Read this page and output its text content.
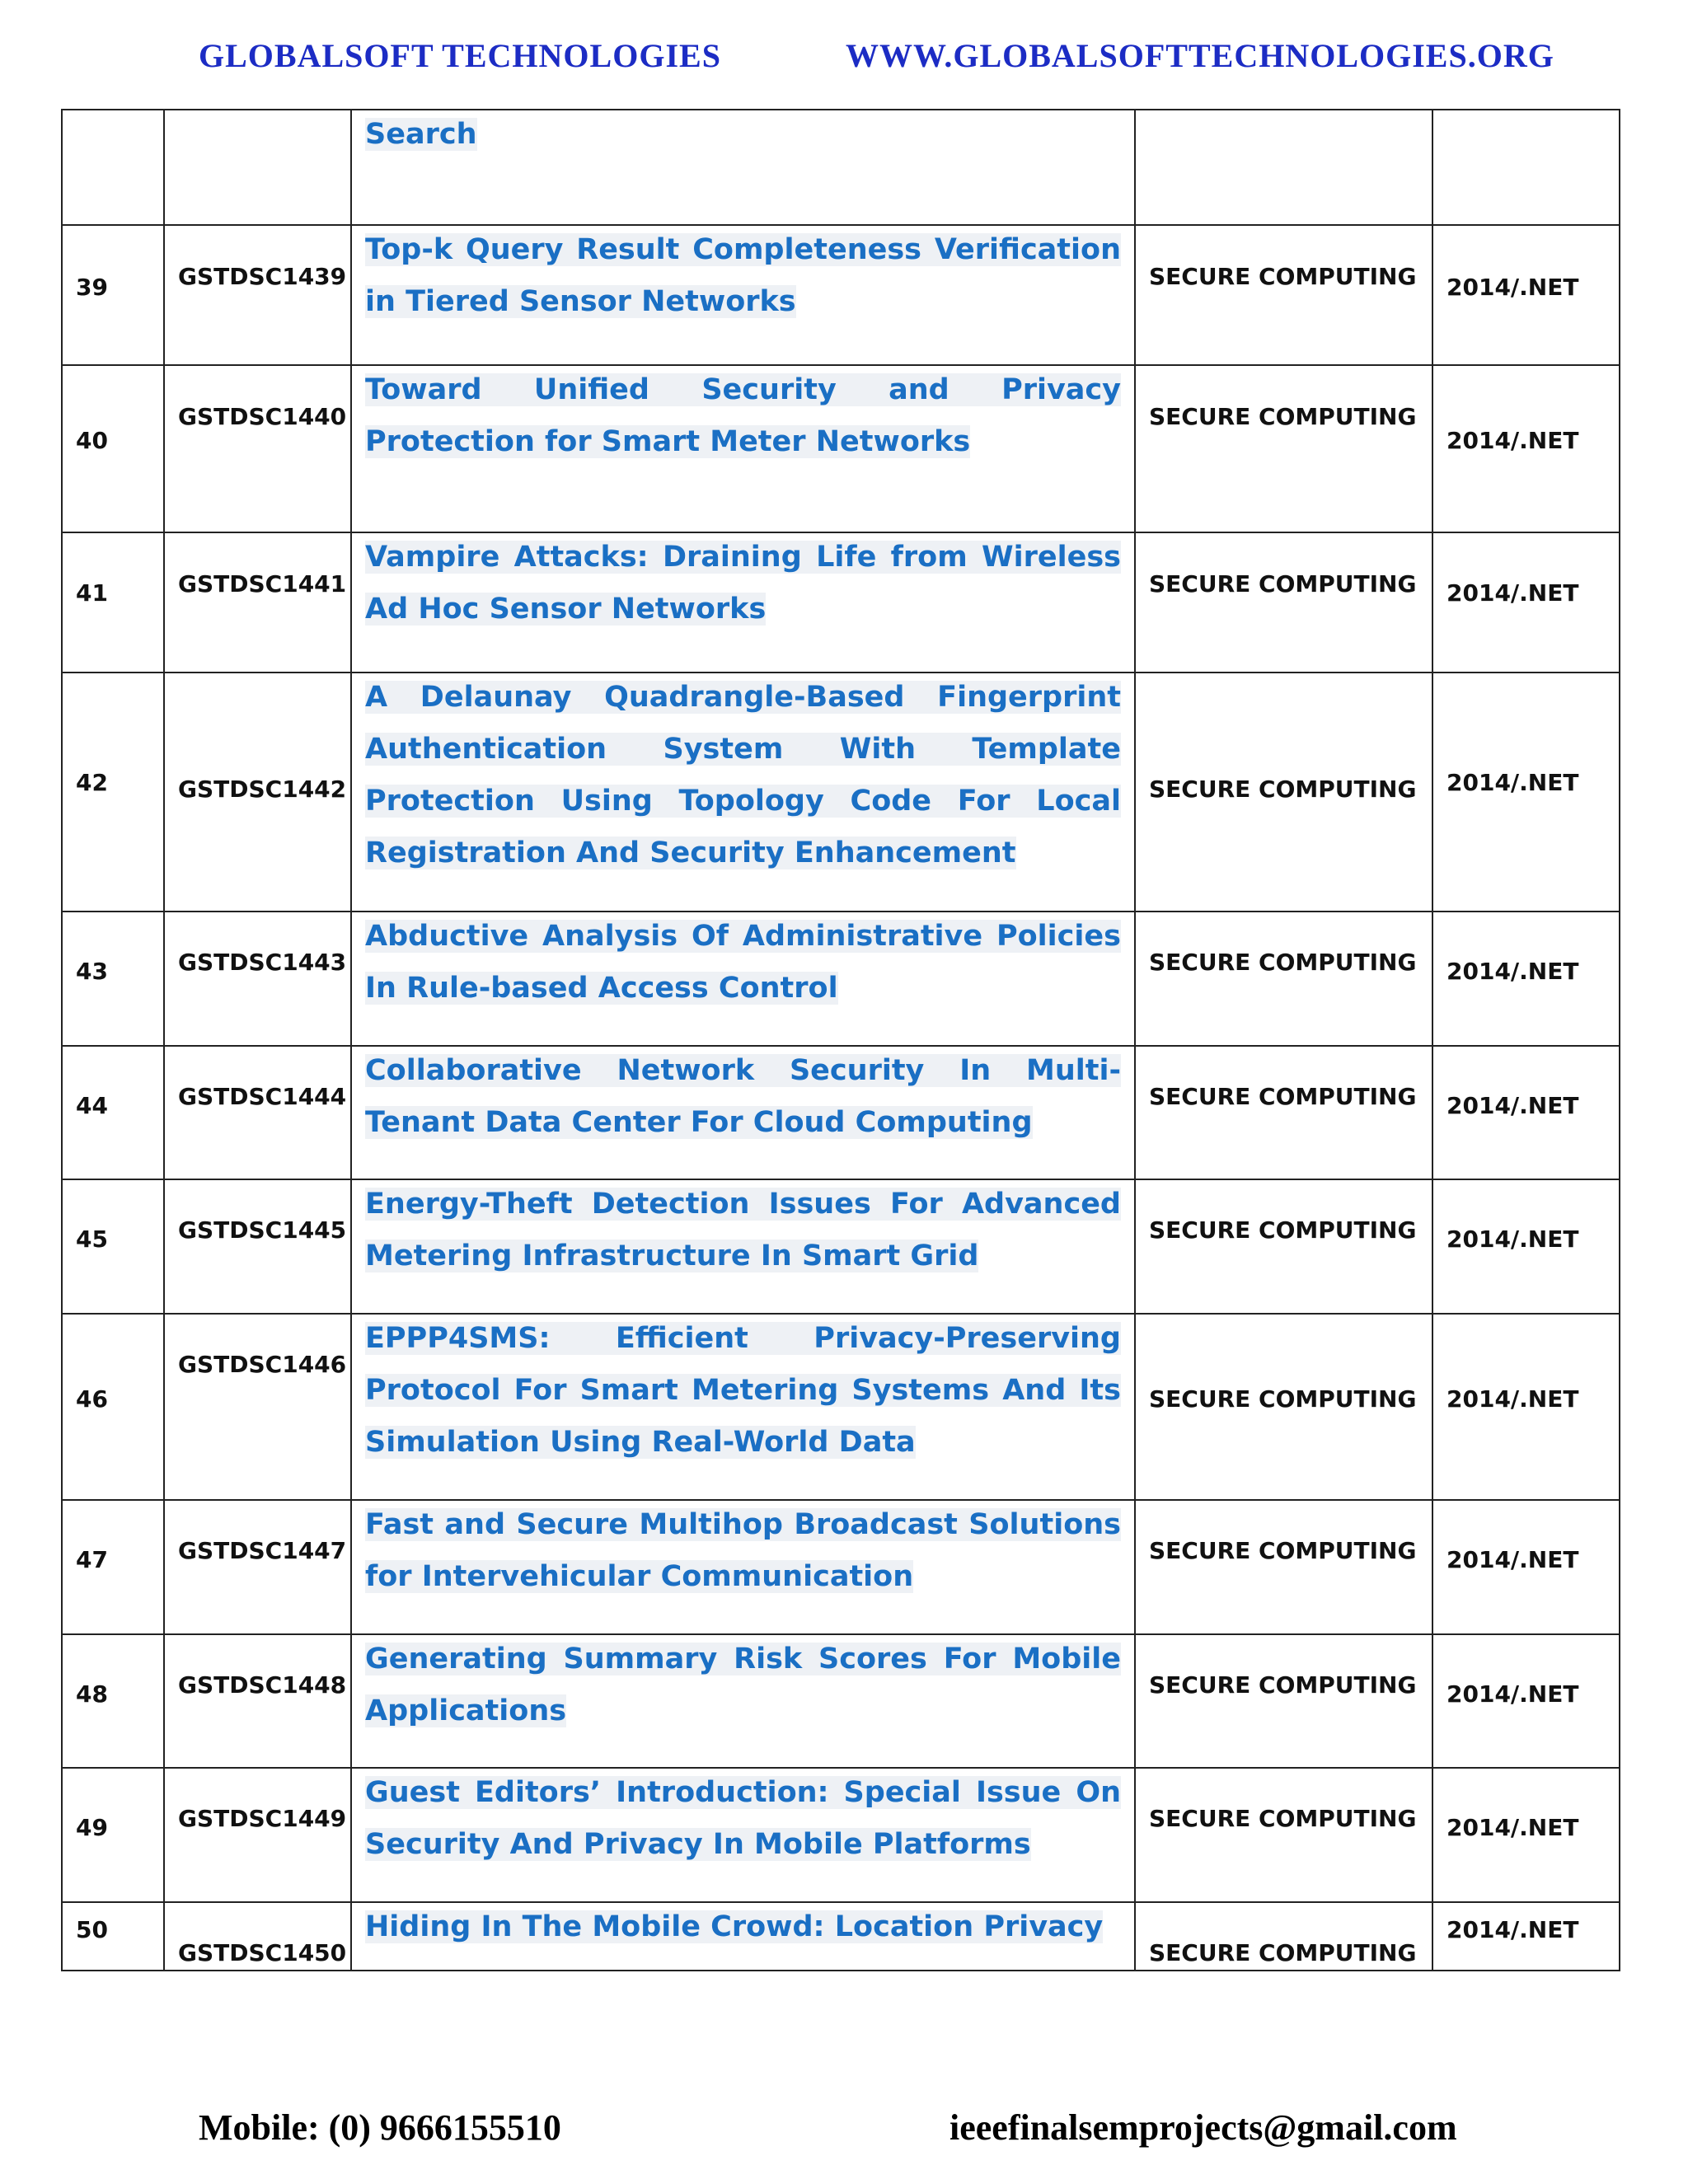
GLOBALSOFT TECHNOLOGIES	WWW.GLOBALSOFTTECHNOLOGIES.ORG

		Search		

39	GSTDSC1439	Top-k Query Result Completeness Verification in Tiered Sensor Networks	SECURE COMPUTING	2014/.NET

40	GSTDSC1440	Toward Unified Security and Privacy Protection for Smart Meter Networks	SECURE COMPUTING	2014/.NET

41	GSTDSC1441	Vampire Attacks: Draining Life from Wireless Ad Hoc Sensor Networks	SECURE COMPUTING	2014/.NET

42	GSTDSC1442	A Delaunay Quadrangle-Based Fingerprint Authentication System With Template Protection Using Topology Code For Local Registration And Security Enhancement	SECURE COMPUTING	2014/.NET

43	GSTDSC1443	Abductive Analysis Of Administrative Policies In Rule-based Access Control	SECURE COMPUTING	2014/.NET

44	GSTDSC1444	Collaborative Network Security In Multi-Tenant Data Center For Cloud Computing	SECURE COMPUTING	2014/.NET

45	GSTDSC1445	Energy-Theft Detection Issues For Advanced Metering Infrastructure In Smart Grid	SECURE COMPUTING	2014/.NET

46	GSTDSC1446	EPPP4SMS: Efficient Privacy-Preserving Protocol For Smart Metering Systems And Its Simulation Using Real-World Data	SECURE COMPUTING	2014/.NET

47	GSTDSC1447	Fast and Secure Multihop Broadcast Solutions for Intervehicular Communication	SECURE COMPUTING	2014/.NET

48	GSTDSC1448	Generating Summary Risk Scores For Mobile Applications	SECURE COMPUTING	2014/.NET

49	GSTDSC1449	Guest Editors’ Introduction: Special Issue On Security And Privacy In Mobile Platforms	SECURE COMPUTING	2014/.NET

50	GSTDSC1450	Hiding In The Mobile Crowd: Location Privacy	SECURE COMPUTING	2014/.NET
Mobile: (0) 9666155510	ieeefinalsemprojects@gmail.com
